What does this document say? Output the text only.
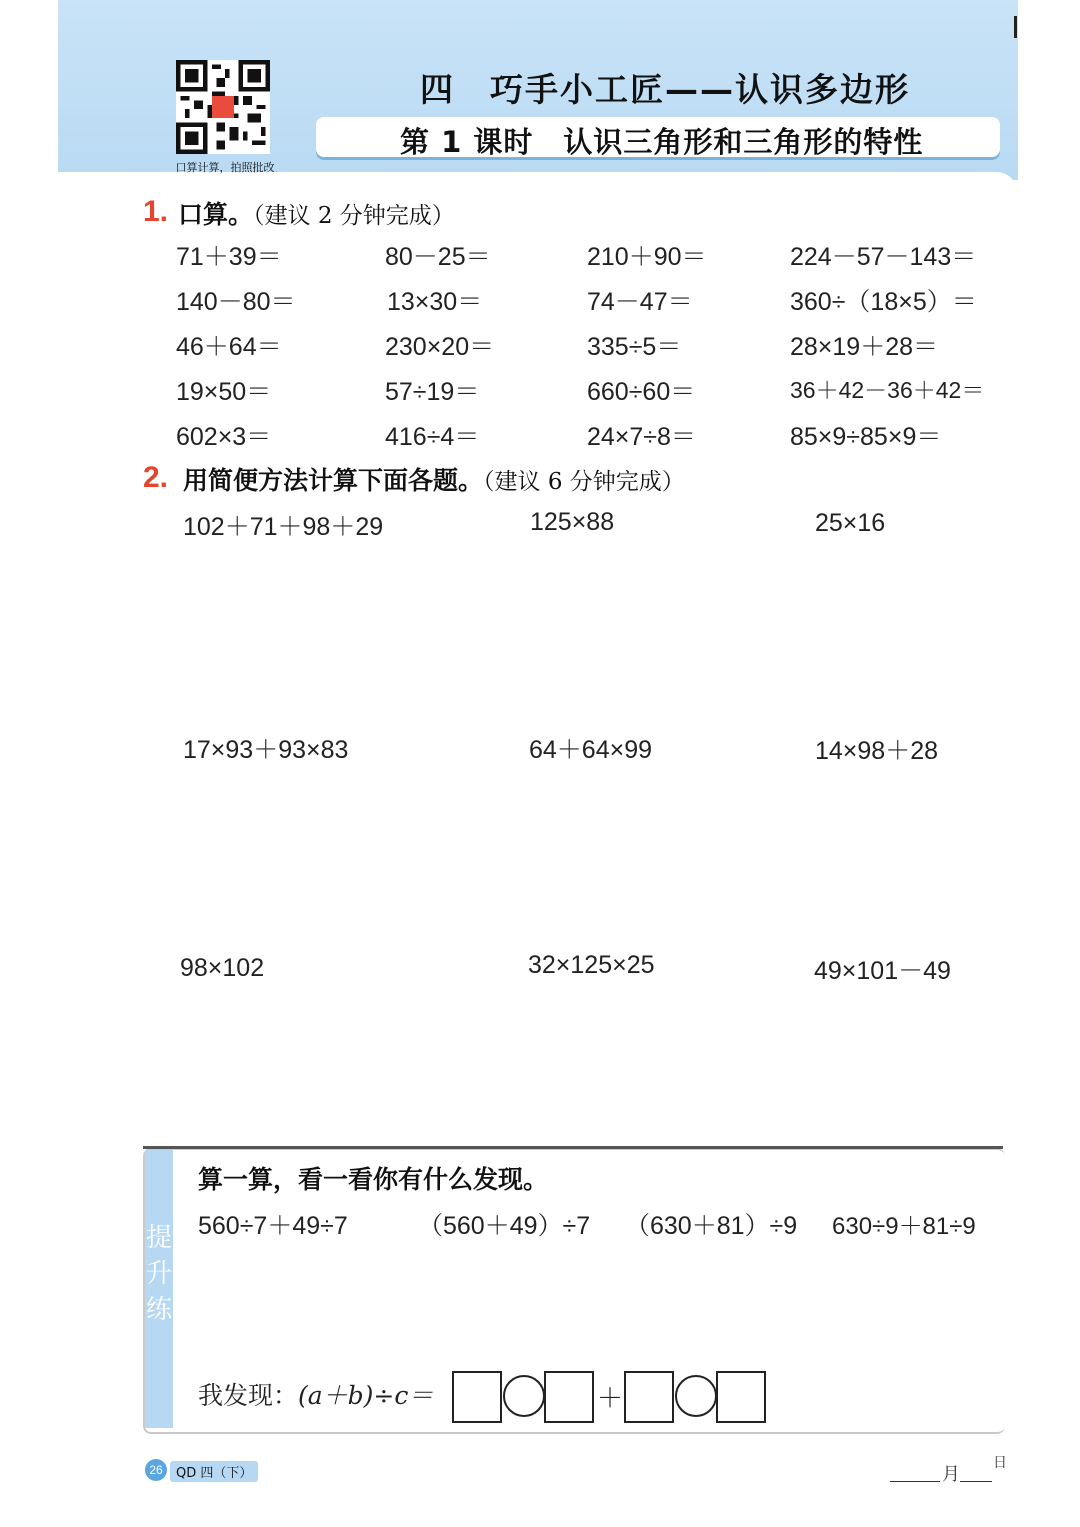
口算计算，拍照批改
四　巧手小工匠——认识多边形
第 1 课时　认识三角形和三角形的特性
1. 口算。（建议 2 分钟完成）
71＋39＝	80－25＝	210＋90＝	224－57－143＝
140－80＝	13×30＝	74－47＝	360÷（18×5）＝
46＋64＝	230×20＝	335÷5＝	28×19＋28＝
19×50＝	57÷19＝	660÷60＝	36＋42－36＋42＝
602×3＝	416÷4＝	24×7÷8＝	85×9÷85×9＝
2. 用简便方法计算下面各题。（建议 6 分钟完成）
102＋71＋98＋29	125×88	25×16
17×93＋93×83	64＋64×99	14×98＋28
98×102	32×125×25	49×101－49
提
升
练
算一算，看一看你有什么发现。
560÷7＋49÷7	（560＋49）÷7 （630＋81）÷9 630÷9＋81÷9
我发现：(a＋b)÷c＝	＋
26	QD 四（下）	月
日
